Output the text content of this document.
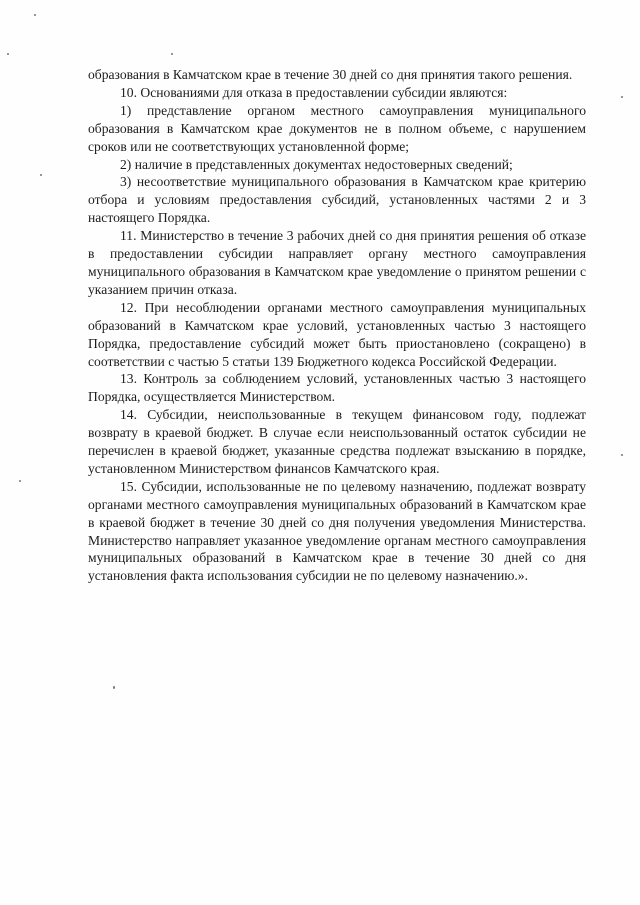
образования в Камчатском крае в течение 30 дней со дня принятия такого решения.

10. Основаниями для отказа в предоставлении субсидии являются:

1) представление органом местного самоуправления муниципального образования в Камчатском крае документов не в полном объеме, с нарушением сроков или не соответствующих установленной форме;

2) наличие в представленных документах недостоверных сведений;

3) несоответствие муниципального образования в Камчатском крае критерию отбора и условиям предоставления субсидий, установленных частями 2 и 3 настоящего Порядка.

11. Министерство в течение 3 рабочих дней со дня принятия решения об отказе в предоставлении субсидии направляет органу местного самоуправления муниципального образования в Камчатском крае уведомление о принятом решении с указанием причин отказа.

12. При несоблюдении органами местного самоуправления муниципальных образований в Камчатском крае условий, установленных частью 3 настоящего Порядка, предоставление субсидий может быть приостановлено (сокращено) в соответствии с частью 5 статьи 139 Бюджетного кодекса Российской Федерации.

13. Контроль за соблюдением условий, установленных частью 3 настоящего Порядка, осуществляется Министерством.

14. Субсидии, неиспользованные в текущем финансовом году, подлежат возврату в краевой бюджет. В случае если неиспользованный остаток субсидии не перечислен в краевой бюджет, указанные средства подлежат взысканию в порядке, установленном Министерством финансов Камчатского края.

15. Субсидии, использованные не по целевому назначению, подлежат возврату органами местного самоуправления муниципальных образований в Камчатском крае в краевой бюджет в течение 30 дней со дня получения уведомления Министерства. Министерство направляет указанное уведомление органам местного самоуправления муниципальных образований в Камчатском крае в течение 30 дней со дня установления факта использования субсидии не по целевому назначению.».
